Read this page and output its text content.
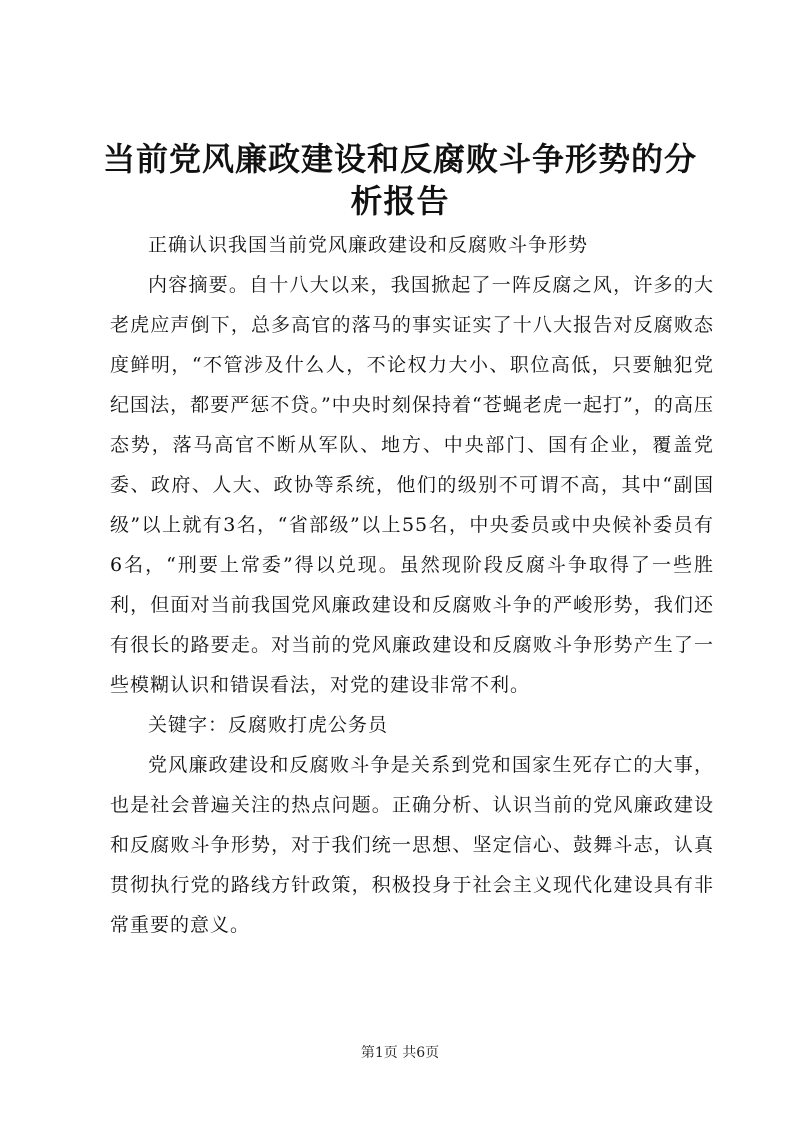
当前党风廉政建设和反腐败斗争形势的分析报告

正确认识我国当前党风廉政建设和反腐败斗争形势

内容摘要。自十八大以来，我国掀起了一阵反腐之风，许多的大老虎应声倒下，总多高官的落马的事实证实了十八大报告对反腐败态度鲜明，“不管涉及什么人，不论权力大小、职位高低，只要触犯党纪国法，都要严惩不贷。”中央时刻保持着“苍蝇老虎一起打”，的高压态势，落马高官不断从军队、地方、中央部门、国有企业，覆盖党委、政府、人大、政协等系统，他们的级别不可谓不高，其中“副国级”以上就有3名，“省部级”以上55名，中央委员或中央候补委员有6名，“刑要上常委”得以兑现。虽然现阶段反腐斗争取得了一些胜利，但面对当前我国党风廉政建设和反腐败斗争的严峻形势，我们还有很长的路要走。对当前的党风廉政建设和反腐败斗争形势产生了一些模糊认识和错误看法，对党的建设非常不利。

关键字：反腐败打虎公务员

党风廉政建设和反腐败斗争是关系到党和国家生死存亡的大事，也是社会普遍关注的热点问题。正确分析、认识当前的党风廉政建设和反腐败斗争形势，对于我们统一思想、坚定信心、鼓舞斗志，认真贯彻执行党的路线方针政策，积极投身于社会主义现代化建设具有非常重要的意义。

第1页 共6页
